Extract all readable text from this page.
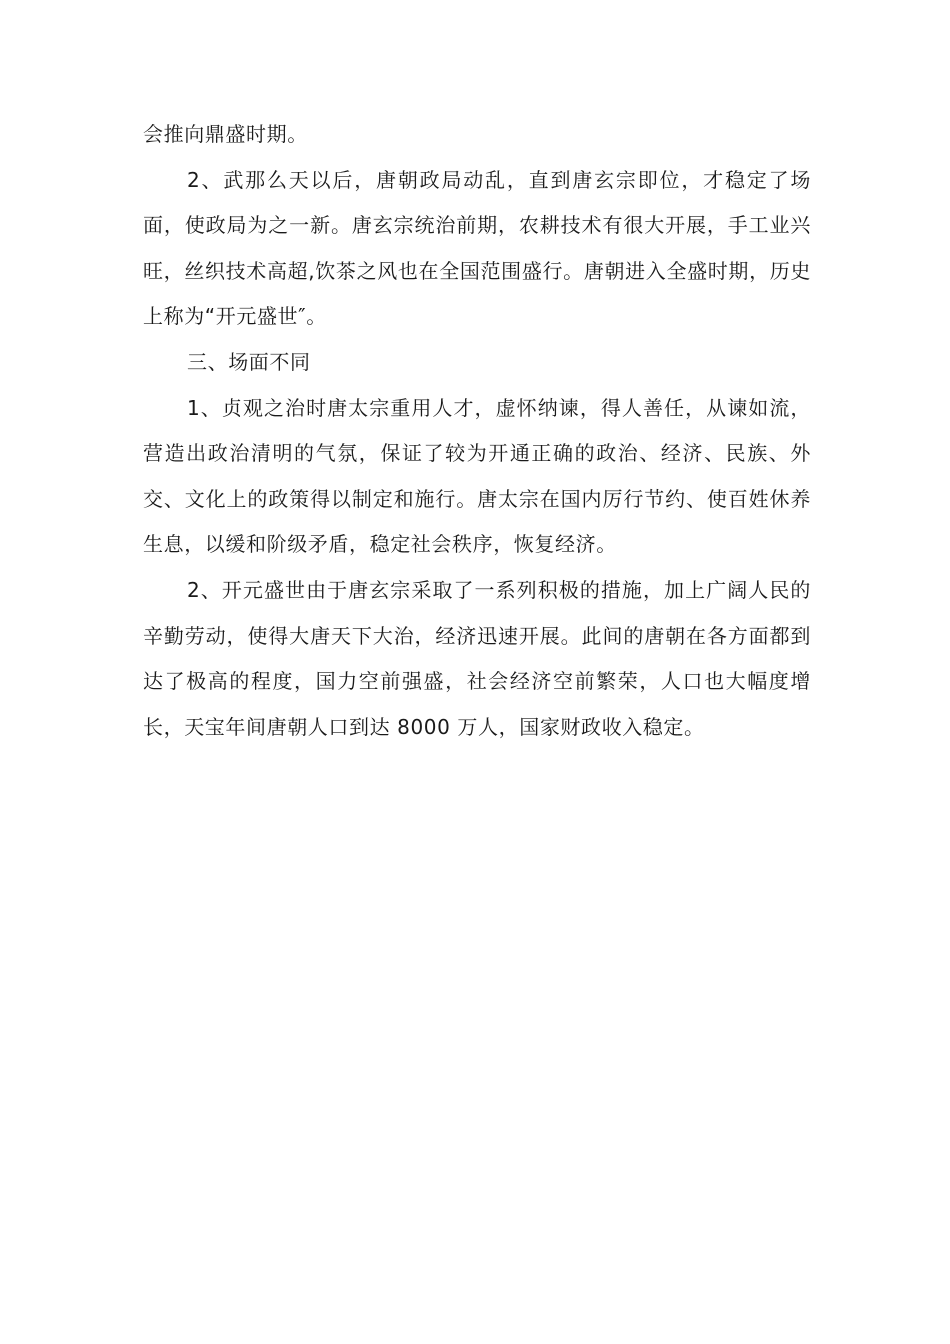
会推向鼎盛时期。

2、武那么天以后，唐朝政局动乱，直到唐玄宗即位，才稳定了场面，使政局为之一新。唐玄宗统治前期，农耕技术有很大开展，手工业兴旺，丝织技术高超,饮茶之风也在全国范围盛行。唐朝进入全盛时期，历史上称为“开元盛世″。

三、场面不同

1、贞观之治时唐太宗重用人才，虚怀纳谏，得人善任，从谏如流，营造出政治清明的气氛，保证了较为开通正确的政治、经济、民族、外交、文化上的政策得以制定和施行。唐太宗在国内厉行节约、使百姓休养生息，以缓和阶级矛盾，稳定社会秩序，恢复经济。

2、开元盛世由于唐玄宗采取了一系列积极的措施，加上广阔人民的辛勤劳动，使得大唐天下大治，经济迅速开展。此间的唐朝在各方面都到达了极高的程度，国力空前强盛，社会经济空前繁荣，人口也大幅度增长，天宝年间唐朝人口到达 8000 万人，国家财政收入稳定。
